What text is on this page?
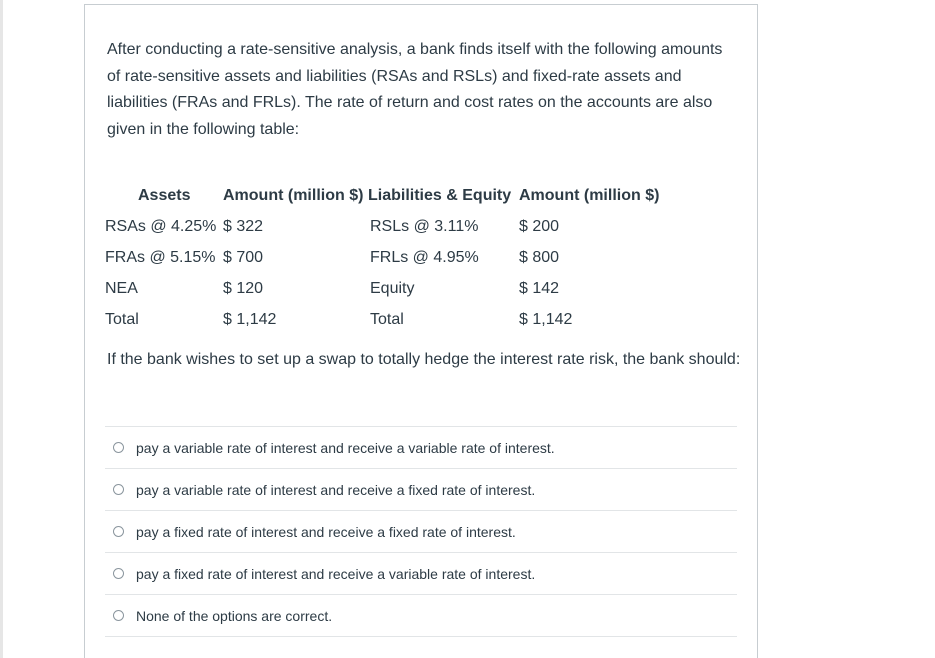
After conducting a rate-sensitive analysis, a bank finds itself with the following amounts of rate-sensitive assets and liabilities (RSAs and RSLs) and fixed-rate assets and liabilities (FRAs and FRLs). The rate of return and cost rates on the accounts are also given in the following table:

Assets	Amount (million $)	Liabilities & Equity	Amount (million $)
RSAs @ 4.25%	$ 322	RSLs @ 3.11%	$ 200
FRAs @ 5.15%	$ 700	FRLs @ 4.95%	$ 800
NEA	$ 120	Equity	$ 142
Total	$ 1,142	Total	$ 1,142

If the bank wishes to set up a swap to totally hedge the interest rate risk, the bank should:

pay a variable rate of interest and receive a variable rate of interest.
pay a variable rate of interest and receive a fixed rate of interest.
pay a fixed rate of interest and receive a fixed rate of interest.
pay a fixed rate of interest and receive a variable rate of interest.
None of the options are correct.
